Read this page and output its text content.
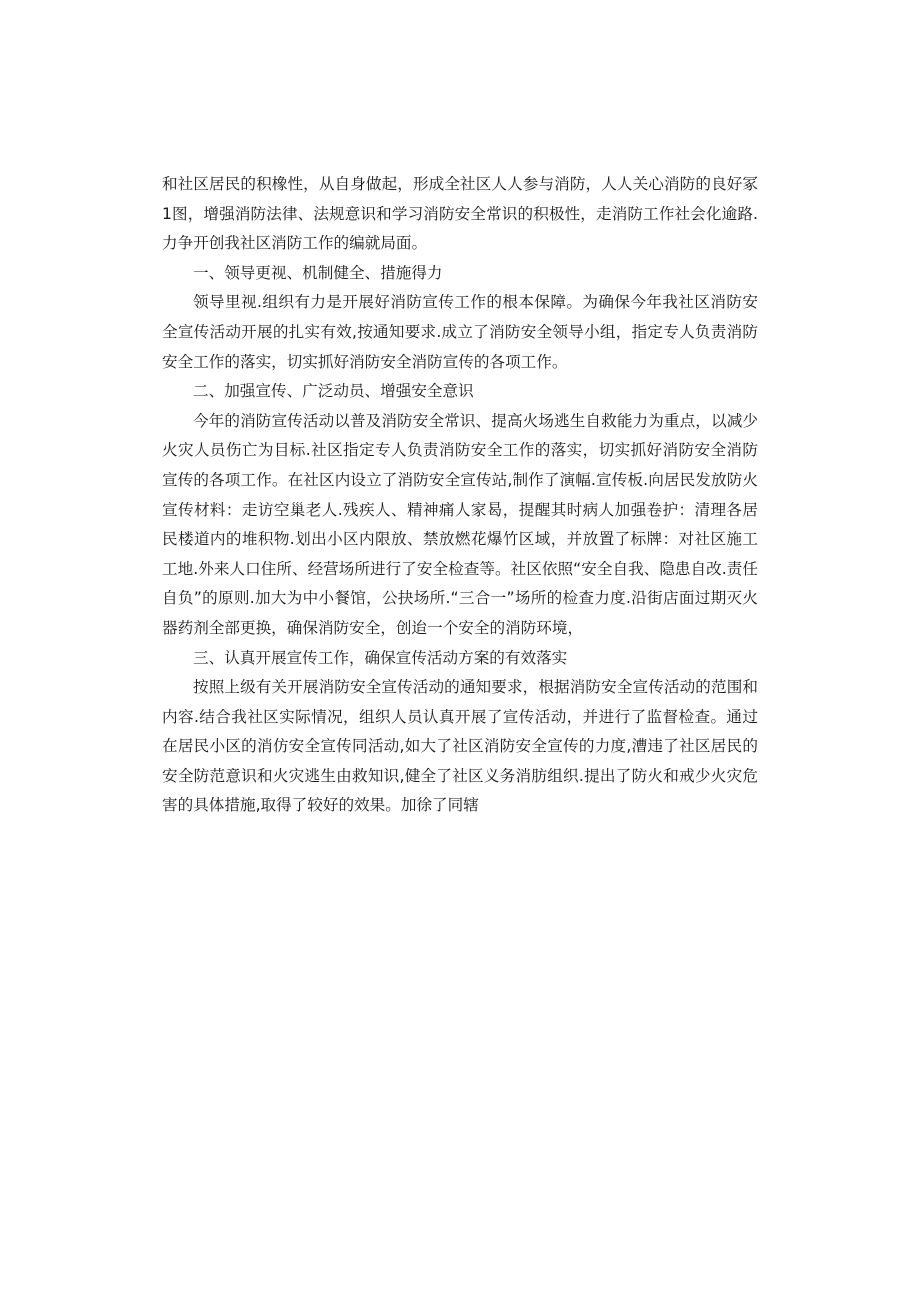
和社区居民的积橡性，从自身做起，形成全社区人人参与消防，人人关心消防的良好冢1图，增强消防法律、法规意识和学习消防安全常识的积极性，走消防工作社会化逾路.力争开创我社区消防工作的编就局面。

一、领导更视、机制健全、措施得力

领导里视.组织有力是开展好消防宣传工作的根本保障。为确保今年我社区消防安全宣传活动开展的扎实有效,按通知要求.成立了消防安全领导小组，指定专人负责消防安全工作的落实，切实抓好消防安全消防宣传的各项工作。

二、加强宣传、广泛动员、增强安全意识

今年的消防宣传活动以普及消防安全常识、提高火场逃生自救能力为重点，以减少火灾人员伤亡为目标.社区指定专人负责消防安全工作的落实，切实抓好消防安全消防宣传的各项工作。在社区内设立了消防安全宣传站,制作了演幅.宣传板.向居民发放防火宣传材料：走访空巢老人.残疾人、精神痛人家曷，提醒其时病人加强卷护：清理各居民楼道内的堆积物.划出小区内限放、禁放燃花爆竹区域，并放置了标牌：对社区施工工地.外来人口住所、经营场所进行了安全检查等。社区依照“安全自我、隐患自改.责任自负”的原则.加大为中小餐馆，公抉场所.“三合一”场所的检查力度.沿街店面过期灭火器药剂全部更换，确保消防安全，创迨一个安全的消防环境，

三、认真开展宣传工作，确保宣传活动方案的有效落实

按照上级有关开展消防安全宣传活动的通知要求，根据消防安全宣传活动的范围和内容.结合我社区实际情况，组织人员认真开展了宣传活动，并进行了监督检查。通过在居民小区的消仿安全宣传同活动,如大了社区消防安全宣传的力度,漕违了社区居民的安全防范意识和火灾逃生由救知识,健全了社区义务消肪组织.提出了防火和戒少火灾危害的具体措施,取得了较好的效果。加徐了同辖
